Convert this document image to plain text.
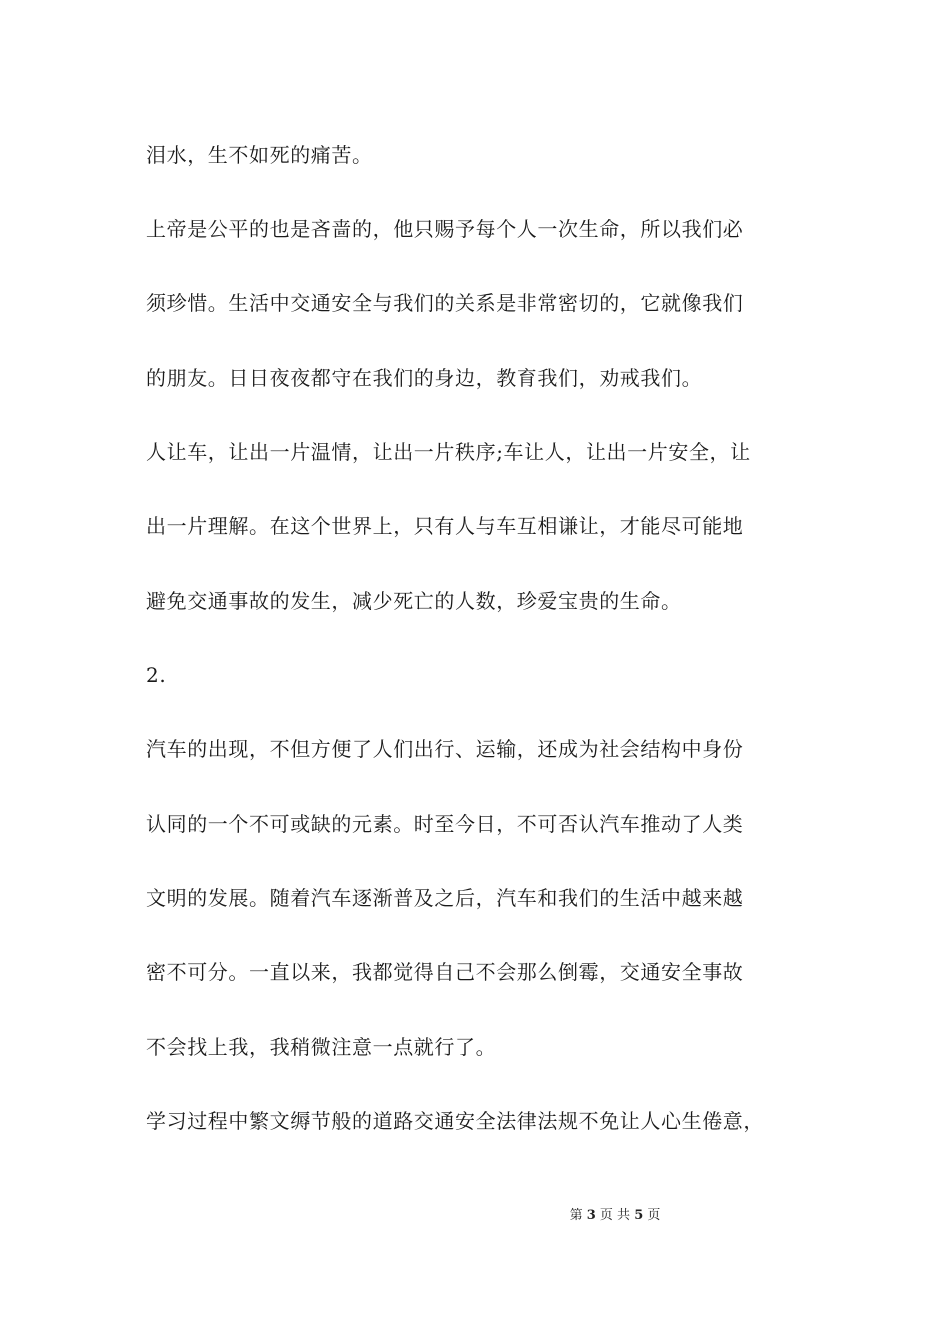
泪水，生不如死的痛苦。
上帝是公平的也是吝啬的，他只赐予每个人一次生命，所以我们必
须珍惜。生活中交通安全与我们的关系是非常密切的，它就像我们
的朋友。日日夜夜都守在我们的身边，教育我们，劝戒我们。
人让车，让出一片温情，让出一片秩序;车让人，让出一片安全，让
出一片理解。在这个世界上，只有人与车互相谦让，才能尽可能地
避免交通事故的发生，减少死亡的人数，珍爱宝贵的生命。
2.
汽车的出现，不但方便了人们出行、运输，还成为社会结构中身份
认同的一个不可或缺的元素。时至今日，不可否认汽车推动了人类
文明的发展。随着汽车逐渐普及之后，汽车和我们的生活中越来越
密不可分。一直以来，我都觉得自己不会那么倒霉，交通安全事故
不会找上我，我稍微注意一点就行了。
学习过程中繁文缛节般的道路交通安全法律法规不免让人心生倦意，
第 3 页 共 5 页
